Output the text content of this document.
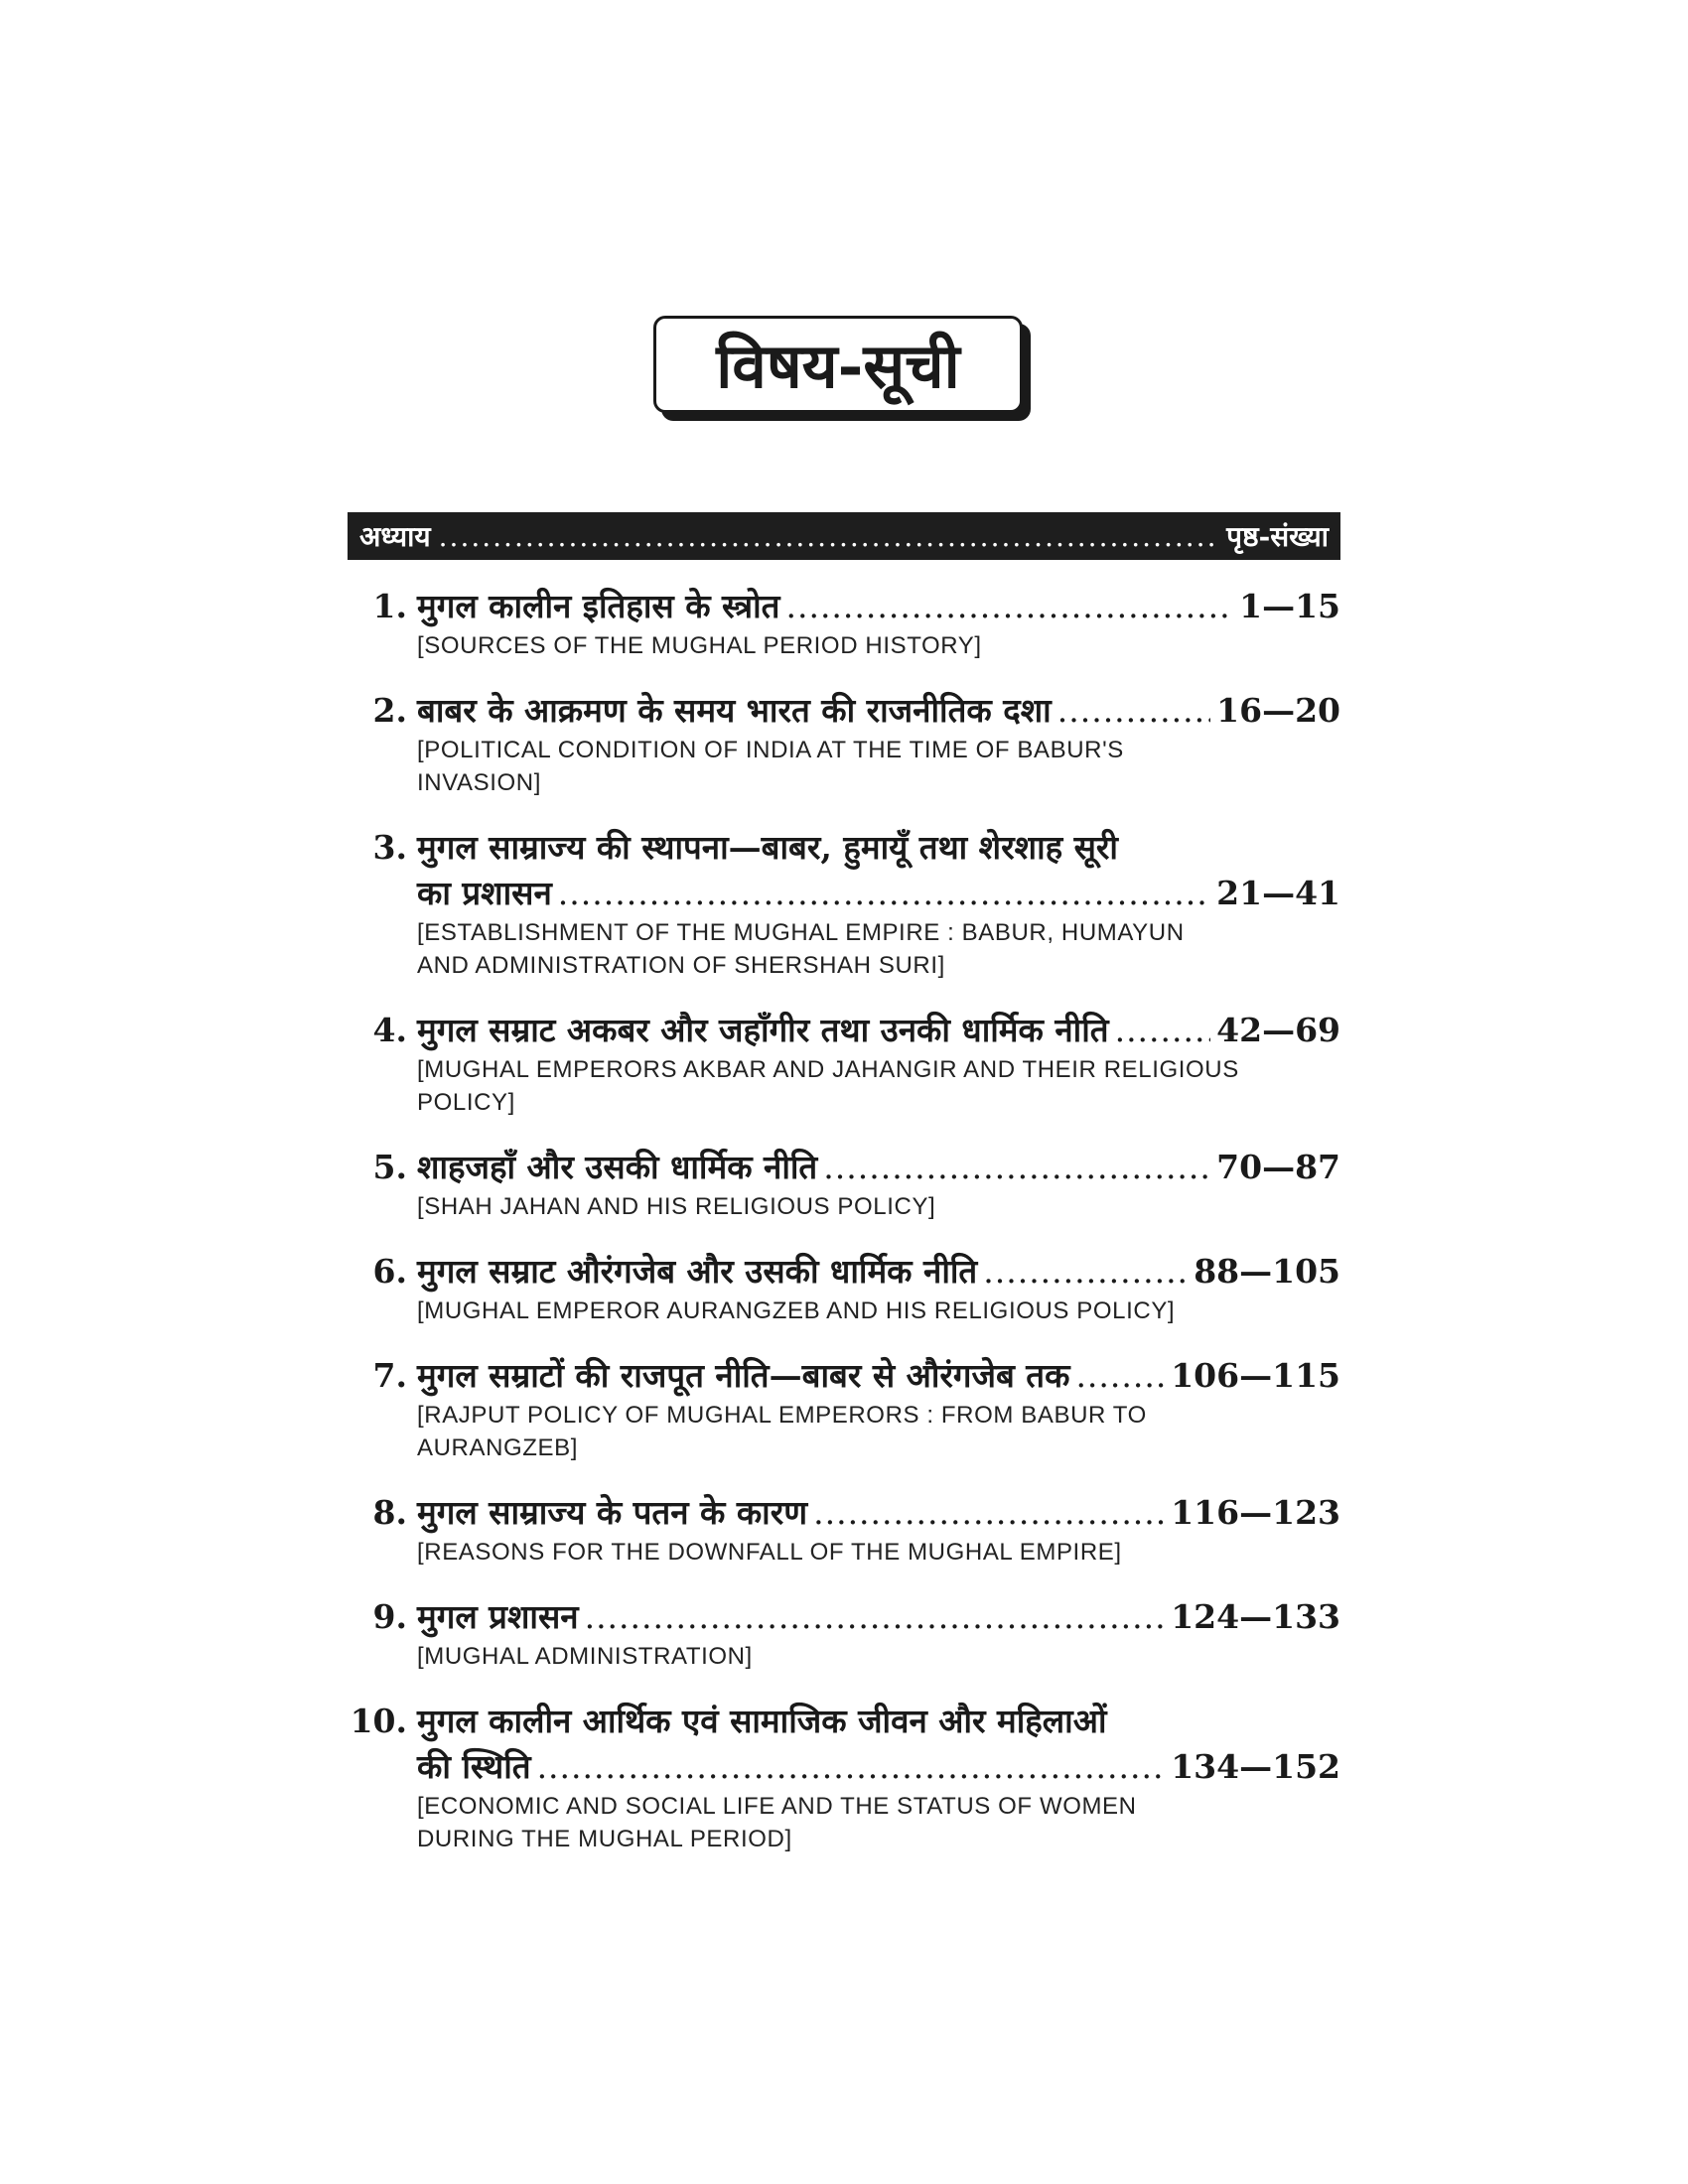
विषय-सूची
अध्याय .....	पृष्ठ-संख्या
1. मुगल कालीन इतिहास के स्त्रोत .....	1—15
[SOURCES OF THE MUGHAL PERIOD HISTORY]
2. बाबर के आक्रमण के समय भारत की राजनीतिक दशा .....	16—20
[POLITICAL CONDITION OF INDIA AT THE TIME OF BABUR'S INVASION]
3. मुगल साम्राज्य की स्थापना—बाबर, हुमायूँ तथा शेरशाह सूरी
का प्रशासन .....	21—41
[ESTABLISHMENT OF THE MUGHAL EMPIRE : BABUR, HUMAYUN AND ADMINISTRATION OF SHERSHAH SURI]
4. मुगल सम्राट अकबर और जहाँगीर तथा उनकी धार्मिक नीति .....	42—69
[MUGHAL EMPERORS AKBAR AND JAHANGIR AND THEIR RELIGIOUS POLICY]
5. शाहजहाँ और उसकी धार्मिक नीति .....	70—87
[SHAH JAHAN AND HIS RELIGIOUS POLICY]
6. मुगल सम्राट औरंगजेब और उसकी धार्मिक नीति .....	88—105
[MUGHAL EMPEROR AURANGZEB AND HIS RELIGIOUS POLICY]
7. मुगल सम्राटों की राजपूत नीति—बाबर से औरंगजेब तक .....	106—115
[RAJPUT POLICY OF MUGHAL EMPERORS : FROM BABUR TO AURANGZEB]
8. मुगल साम्राज्य के पतन के कारण .....	116—123
[REASONS FOR THE DOWNFALL OF THE MUGHAL EMPIRE]
9. मुगल प्रशासन .....	124—133
[MUGHAL ADMINISTRATION]
10. मुगल कालीन आर्थिक एवं सामाजिक जीवन और महिलाओं
की स्थिति .....	134—152
[ECONOMIC AND SOCIAL LIFE AND THE STATUS OF WOMEN DURING THE MUGHAL PERIOD]
